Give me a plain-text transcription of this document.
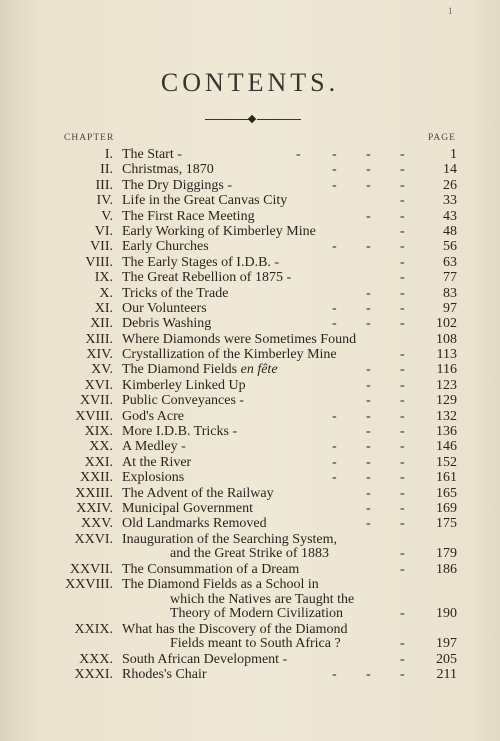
1
CONTENTS.
CHAPTER	PAGE
I. The Start -	- - - -	1
II. Christmas, 1870	- - -	14
III. The Dry Diggings -	- - -	26
IV. Life in the Great Canvas City	-	33
V. The First Race Meeting	- -	43
VI. Early Working of Kimberley Mine	-	48
VII. Early Churches	- - -	56
VIII. The Early Stages of I.D.B. -	-	63
IX. The Great Rebellion of 1875 -	-	77
X. Tricks of the Trade	- -	83
XI. Our Volunteers	- - -	97
XII. Debris Washing	- - - 102
XIII. Where Diamonds were Sometimes Found	108
XIV. Crystallization of the Kimberley Mine	- 113
XV. The Diamond Fields en fête	- - 116
XVI. Kimberley Linked Up	- - 123
XVII. Public Conveyances -	- - 129
XVIII. God's Acre	- - - 132
XIX. More I.D.B. Tricks -	- - 136
XX. A Medley -	- - - 146
XXI. At the River	- - - 152
XXII. Explosions	- - - 161
XXIII. The Advent of the Railway	- - 165
XXIV. Municipal Government	- - 169
XXV. Old Landmarks Removed	- - 175
XXVI. Inauguration of the Searching System,
and the Great Strike of 1883	- 179
XXVII. The Consummation of a Dream	- 186
XXVIII. The Diamond Fields as a School in
which the Natives are Taught the
Theory of Modern Civilization	- 190
XXIX. What has the Discovery of the Diamond
Fields meant to South Africa ?	- 197
XXX. South African Development -	- 205
XXXI. Rhodes's Chair	- - - 211
